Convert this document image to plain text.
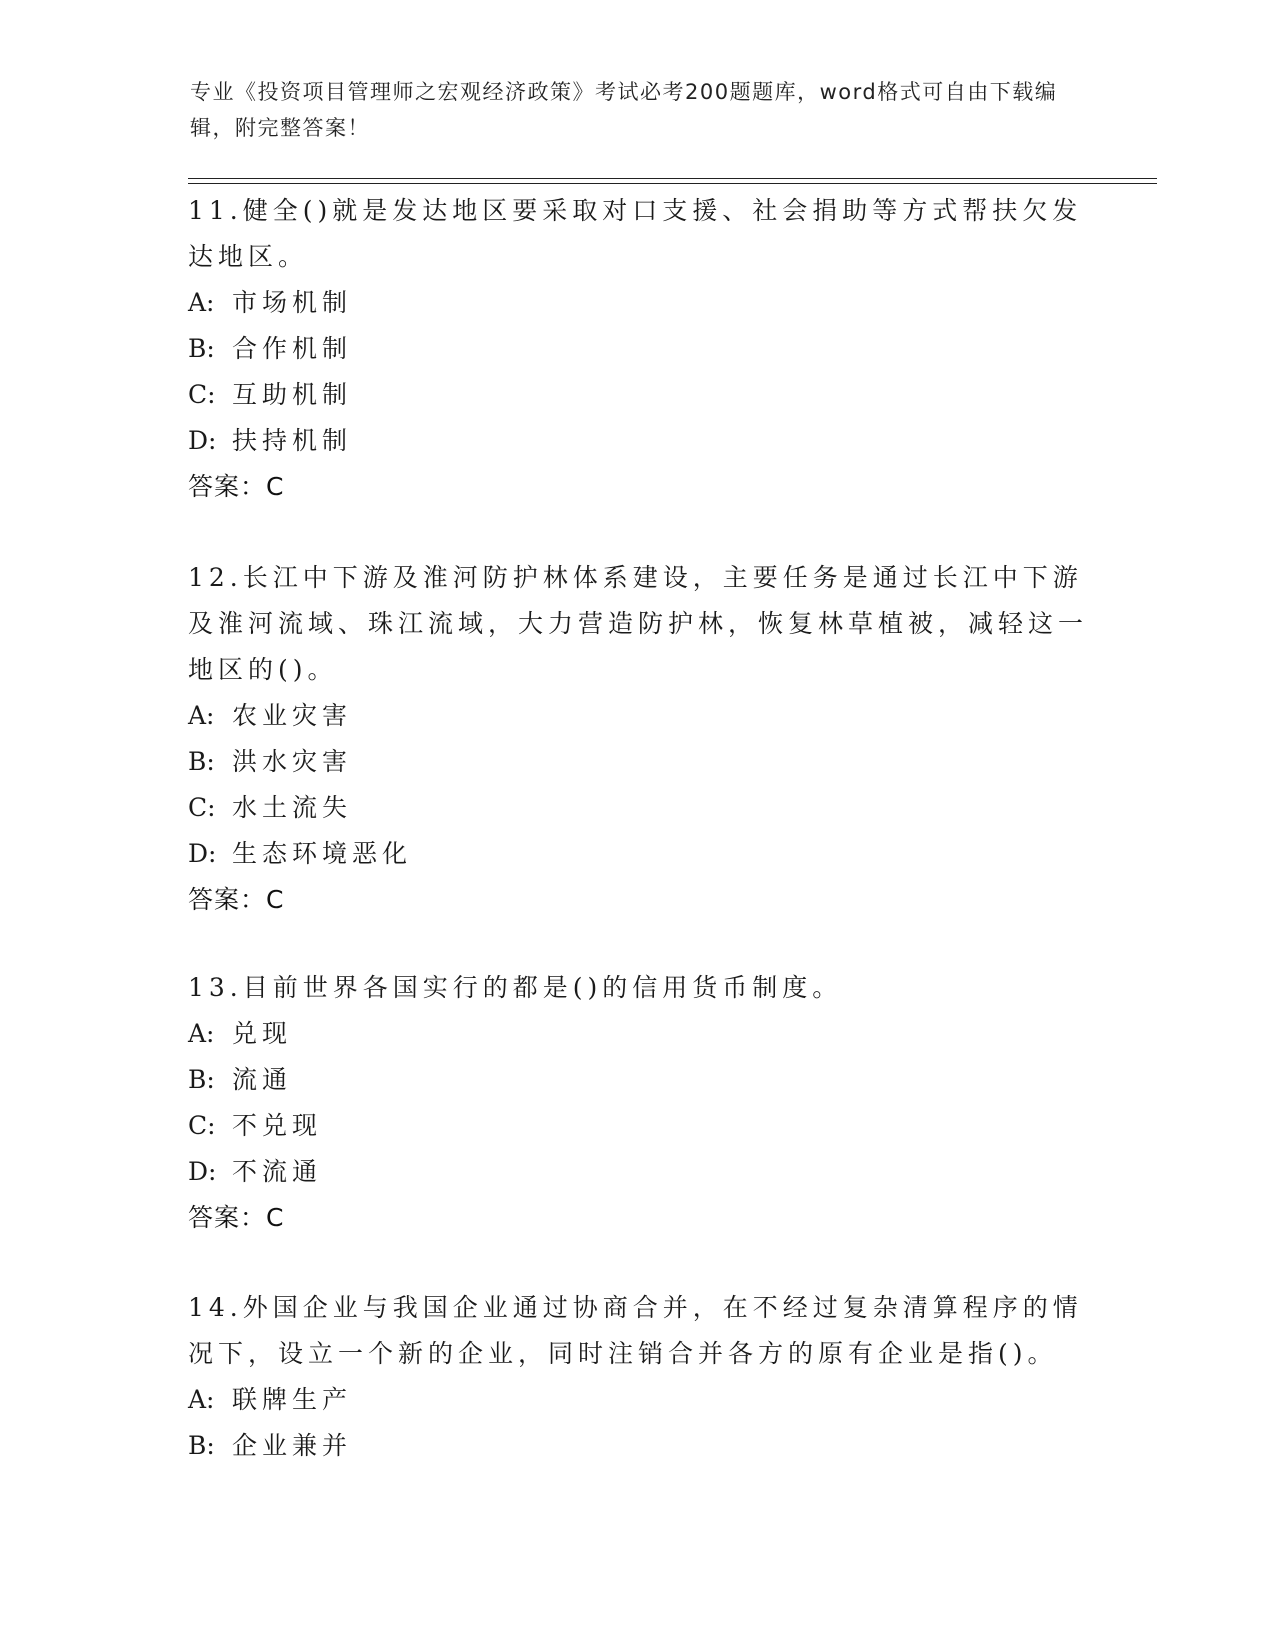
专业《投资项目管理师之宏观经济政策》考试必考200题题库，word格式可自由下载编辑，附完整答案！

11.健全()就是发达地区要采取对口支援、社会捐助等方式帮扶欠发达地区。

A: 市场机制

B: 合作机制

C: 互助机制

D: 扶持机制

答案：C

12.长江中下游及淮河防护林体系建设，主要任务是通过长江中下游及淮河流域、珠江流域，大力营造防护林，恢复林草植被，减轻这一地区的()。

A: 农业灾害

B: 洪水灾害

C: 水土流失

D: 生态环境恶化

答案：C

13.目前世界各国实行的都是()的信用货币制度。

A: 兑现

B: 流通

C: 不兑现

D: 不流通

答案：C

14.外国企业与我国企业通过协商合并，在不经过复杂清算程序的情况下，设立一个新的企业，同时注销合并各方的原有企业是指()。

A: 联牌生产

B: 企业兼并
